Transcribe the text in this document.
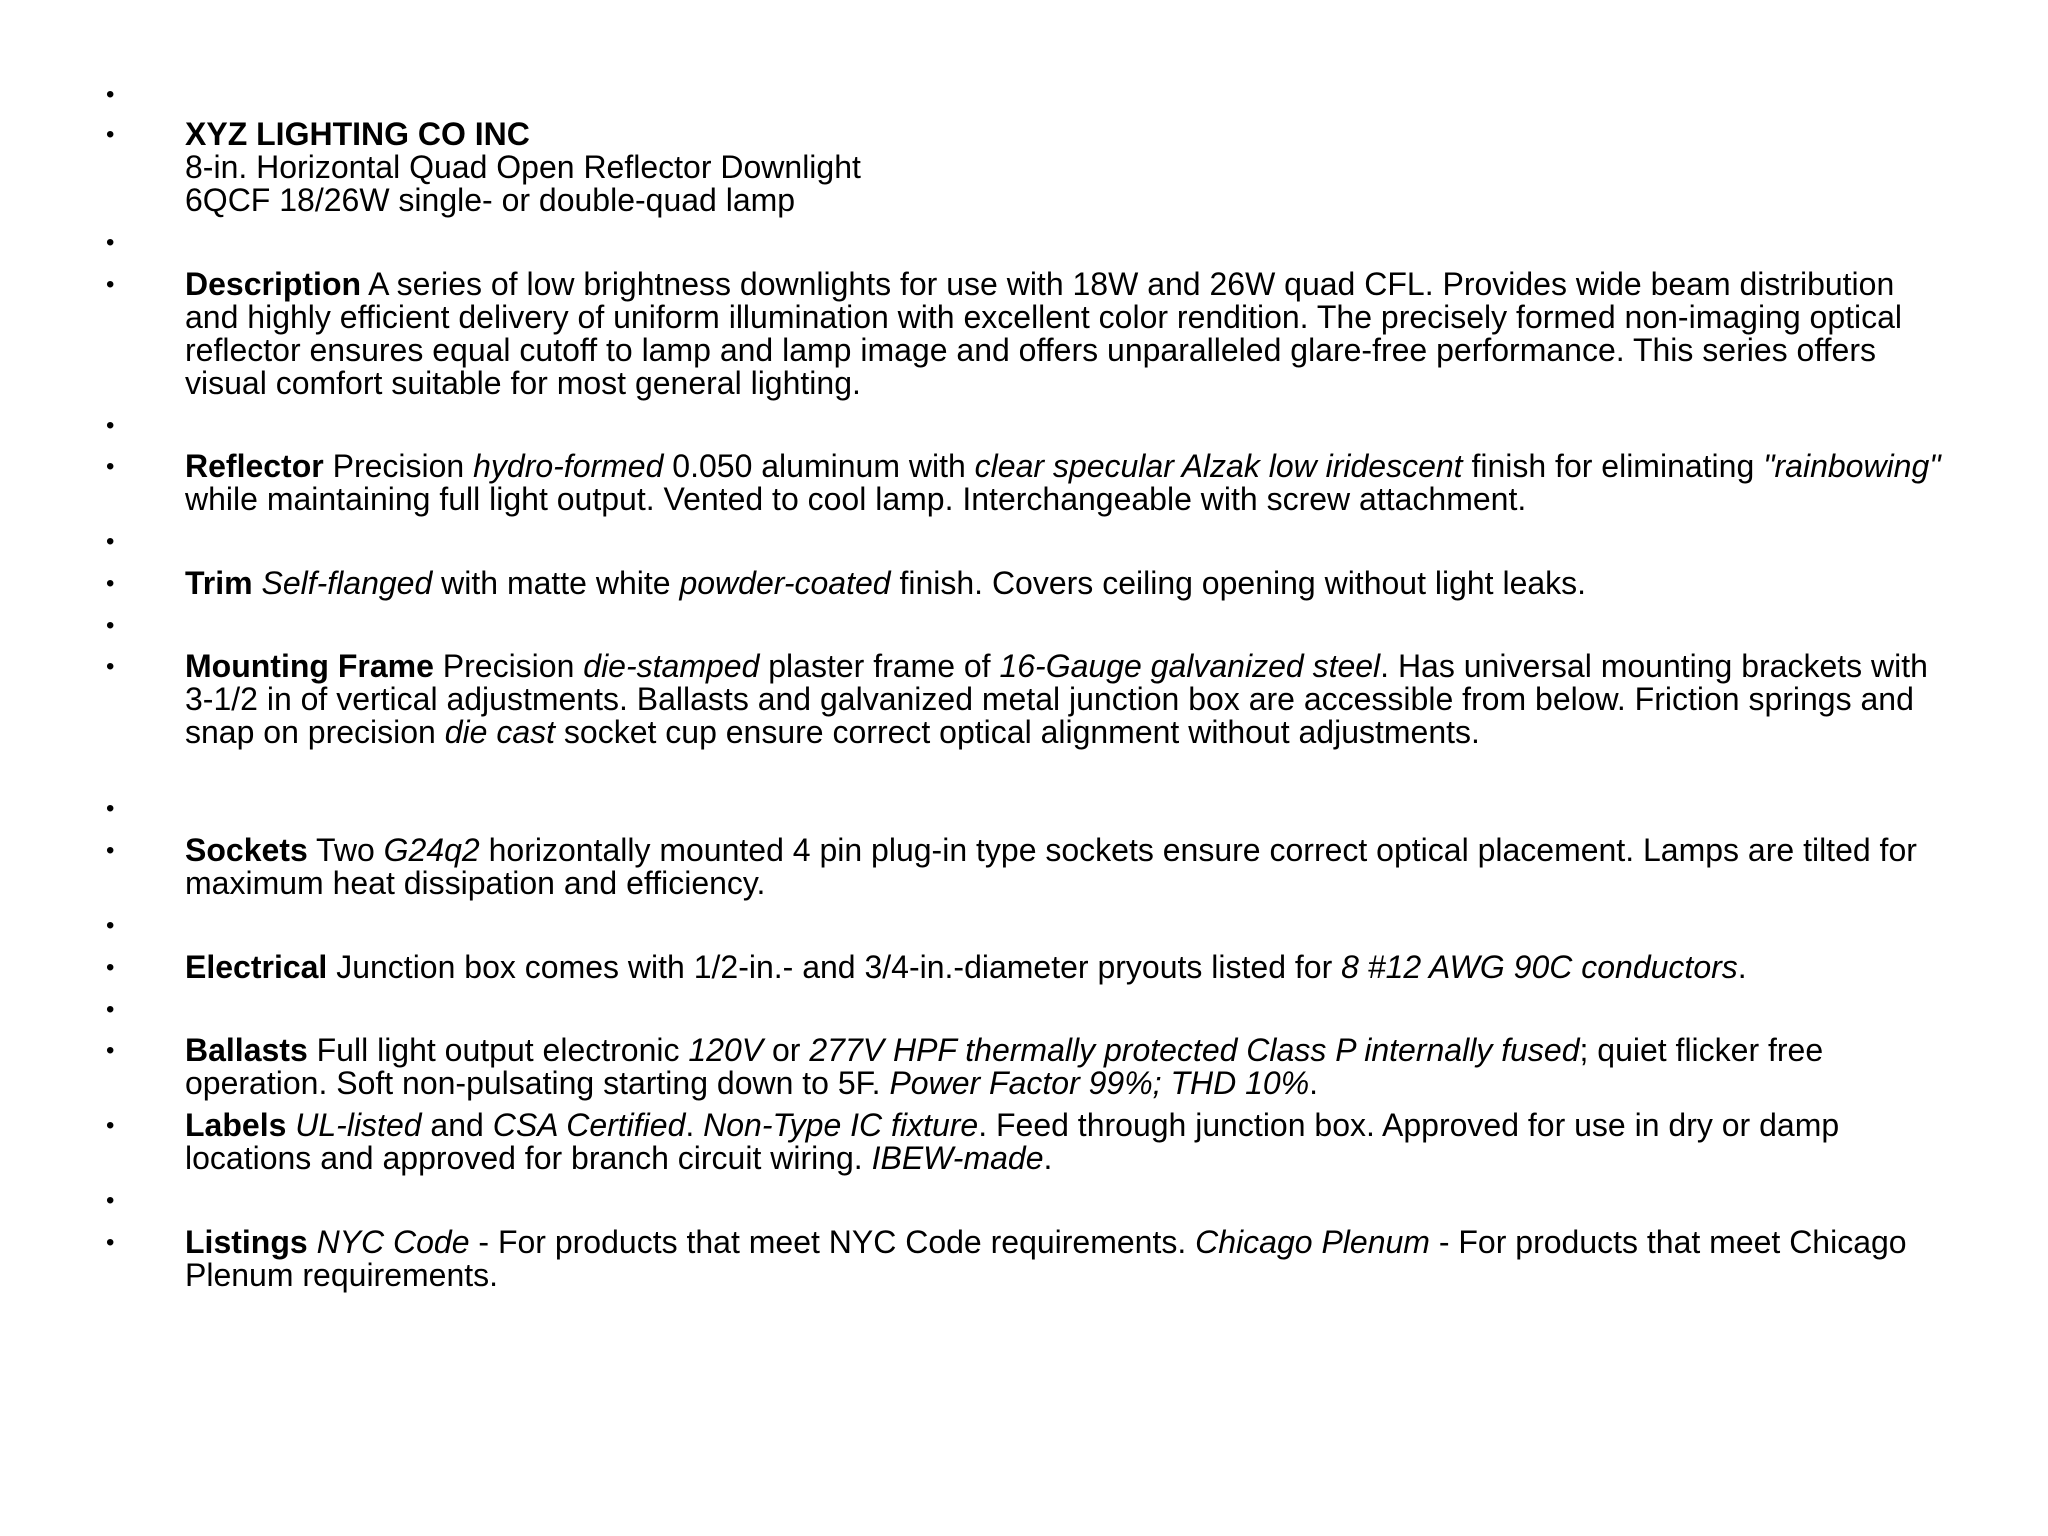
•
• XYZ LIGHTING CO INC
8-in. Horizontal Quad Open Reflector Downlight
6QCF 18/26W single- or double-quad lamp
•
• Description A series of low brightness downlights for use with 18W and 26W quad CFL. Provides wide beam distribution and highly efficient delivery of uniform illumination with excellent color rendition. The precisely formed non-imaging optical reflector ensures equal cutoff to lamp and lamp image and offers unparalleled glare-free performance. This series offers visual comfort suitable for most general lighting.
•
• Reflector Precision hydro-formed 0.050 aluminum with clear specular Alzak low iridescent finish for eliminating "rainbowing" while maintaining full light output. Vented to cool lamp. Interchangeable with screw attachment.
•
• Trim Self-flanged with matte white powder-coated finish. Covers ceiling opening without light leaks.
•
• Mounting Frame Precision die-stamped plaster frame of 16-Gauge galvanized steel. Has universal mounting brackets with 3-1/2 in of vertical adjustments. Ballasts and galvanized metal junction box are accessible from below. Friction springs and snap on precision die cast socket cup ensure correct optical alignment without adjustments.
•
• Sockets Two G24q2 horizontally mounted 4 pin plug-in type sockets ensure correct optical placement. Lamps are tilted for maximum heat dissipation and efficiency.
•
• Electrical Junction box comes with 1/2-in.- and 3/4-in.-diameter pryouts listed for 8 #12 AWG 90C conductors.
•
• Ballasts Full light output electronic 120V or 277V HPF thermally protected Class P internally fused; quiet flicker free operation. Soft non-pulsating starting down to 5F. Power Factor 99%; THD 10%.
• Labels UL-listed and CSA Certified. Non-Type IC fixture. Feed through junction box. Approved for use in dry or damp locations and approved for branch circuit wiring. IBEW-made.
•
• Listings NYC Code - For products that meet NYC Code requirements. Chicago Plenum - For products that meet Chicago Plenum requirements.
